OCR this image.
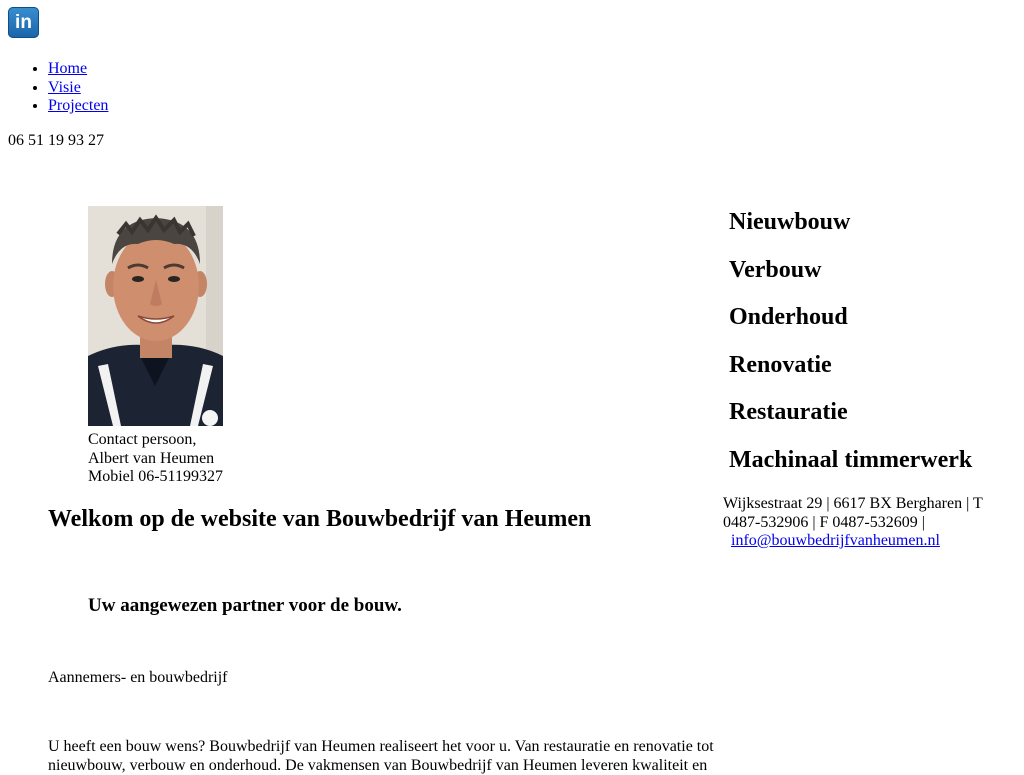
in
• Home
• Visie
• Projecten
06 51 19 93 27
Contact persoon,
Albert van Heumen
Mobiel 06-51199327
Welkom op de website van Bouwbedrijf van Heumen
Uw aangewezen partner voor de bouw.
Aannemers- en bouwbedrijf
U heeft een bouw wens? Bouwbedrijf van Heumen realiseert het voor u. Van restauratie en renovatie tot nieuwbouw, verbouw en onderhoud. De vakmensen van Bouwbedrijf van Heumen leveren kwaliteit en
Nieuwbouw
Verbouw
Onderhoud
Renovatie
Restauratie
Machinaal timmerwerk
Wijksestraat 29 | 6617 BX Bergharen | T
0487-532906 | F 0487-532609 |
info@bouwbedrijfvanheumen.nl
